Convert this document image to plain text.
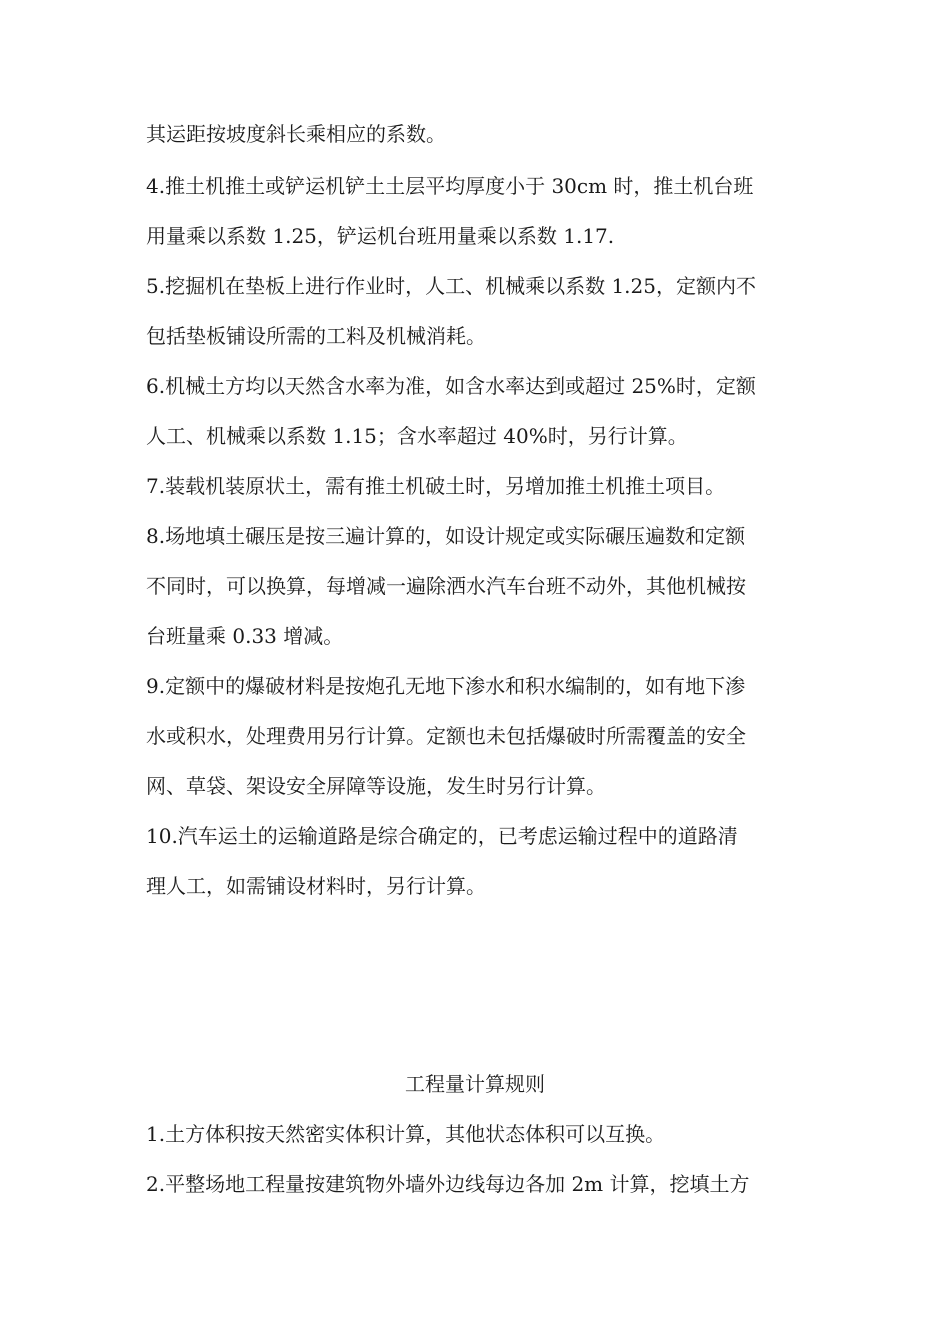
其运距按坡度斜长乘相应的系数。
4.推土机推土或铲运机铲土土层平均厚度小于 30cm 时，推土机台班
用量乘以系数 1.25，铲运机台班用量乘以系数 1.17.
5.挖掘机在垫板上进行作业时，人工、机械乘以系数 1.25，定额内不
包括垫板铺设所需的工料及机械消耗。
6.机械土方均以天然含水率为准，如含水率达到或超过 25%时，定额
人工、机械乘以系数 1.15；含水率超过 40%时，另行计算。
7.装载机装原状土，需有推土机破土时，另增加推土机推土项目。
8.场地填土碾压是按三遍计算的，如设计规定或实际碾压遍数和定额
不同时，可以换算，每增减一遍除洒水汽车台班不动外，其他机械按
台班量乘 0.33 增减。
9.定额中的爆破材料是按炮孔无地下渗水和积水编制的，如有地下渗
水或积水，处理费用另行计算。定额也未包括爆破时所需覆盖的安全
网、草袋、架设安全屏障等设施，发生时另行计算。
10.汽车运土的运输道路是综合确定的，已考虑运输过程中的道路清
理人工，如需铺设材料时，另行计算。
工程量计算规则
1.土方体积按天然密实体积计算，其他状态体积可以互换。
2.平整场地工程量按建筑物外墙外边线每边各加 2m 计算，挖填土方
